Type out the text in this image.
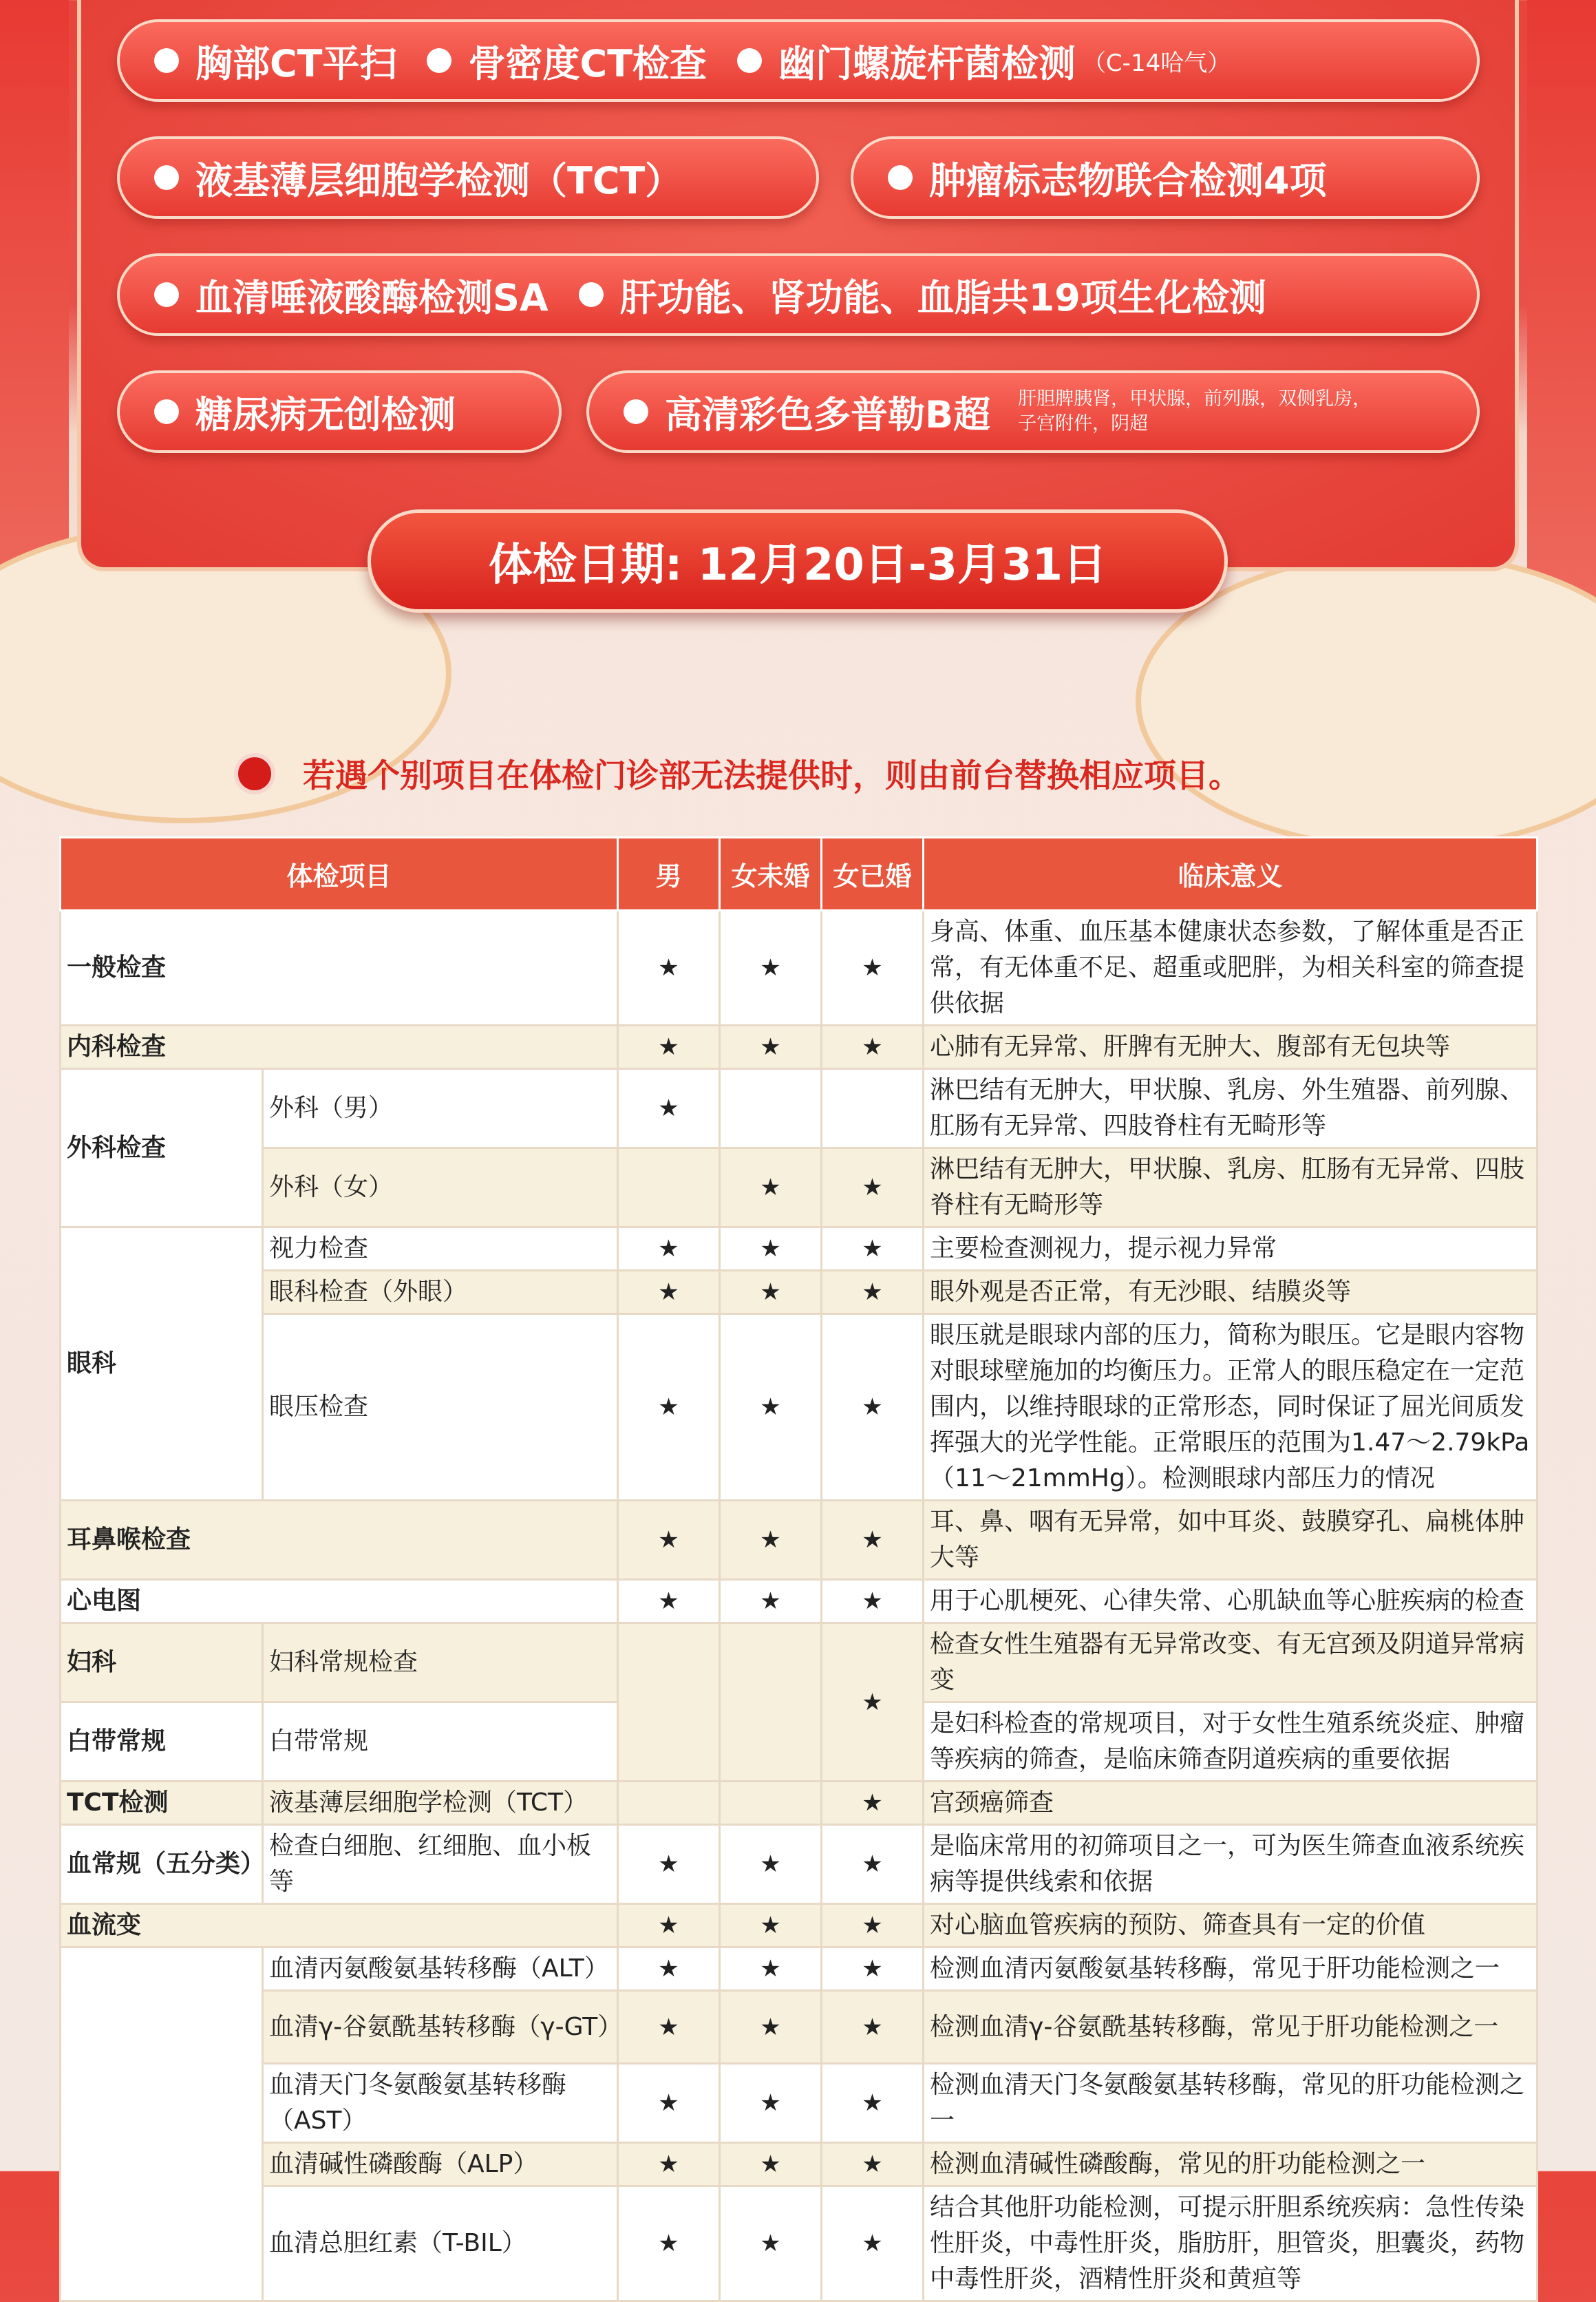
胸部CT平扫 骨密度CT检查 幽门螺旋杆菌检测 （C-14哈气）
液基薄层细胞学检测（TCT）	肿瘤标志物联合检测4项
血清唾液酸酶检测SA 肝功能、肾功能、血脂共19项生化检测
糖尿病无创检测	高清彩色多普勒B超 肝胆脾胰肾，甲状腺，前列腺，双侧乳房，子宫附件，阴超
体检日期: 12月20日-3月31日
若遇个别项目在体检门诊部无法提供时，则由前台替换相应项目。
体检项目		男	女未婚	女已婚	临床意义
一般检查		★	★	★	身高、体重、血压基本健康状态参数，了解体重是否正常，有无体重不足、超重或肥胖，为相关科室的筛查提供依据
内科检查		★	★	★	心肺有无异常、肝脾有无肿大、腹部有无包块等
外科检查	外科（男）	★			淋巴结有无肿大，甲状腺、乳房、外生殖器、前列腺、肛肠有无异常、四肢脊柱有无畸形等
	外科（女）		★	★	淋巴结有无肿大，甲状腺、乳房、肛肠有无异常、四肢脊柱有无畸形等
眼科	视力检查	★	★	★	主要检查测视力，提示视力异常
	眼科检查（外眼）	★	★	★	眼外观是否正常，有无沙眼、结膜炎等
	眼压检查	★	★	★	眼压就是眼球内部的压力，简称为眼压。它是眼内容物对眼球壁施加的均衡压力。正常人的眼压稳定在一定范围内，以维持眼球的正常形态，同时保证了屈光间质发挥强大的光学性能。正常眼压的范围为1.47～2.79kPa（11～21mmHg）。检测眼球内部压力的情况
耳鼻喉检查		★	★	★	耳、鼻、咽有无异常，如中耳炎、鼓膜穿孔、扁桃体肿大等
心电图		★	★	★	用于心肌梗死、心律失常、心肌缺血等心脏疾病的检查
妇科	妇科常规检查			★	检查女性生殖器有无异常改变、有无宫颈及阴道异常病变
白带常规	白带常规				是妇科检查的常规项目，对于女性生殖系统炎症、肿瘤等疾病的筛查，是临床筛查阴道疾病的重要依据
TCT检测	液基薄层细胞学检测（TCT）			★	宫颈癌筛查
血常规（五分类）	检查白细胞、红细胞、血小板等	★	★	★	是临床常用的初筛项目之一，可为医生筛查血液系统疾病等提供线索和依据
血流变		★	★	★	对心脑血管疾病的预防、筛查具有一定的价值
	血清丙氨酸氨基转移酶（ALT）	★	★	★	检测血清丙氨酸氨基转移酶，常见于肝功能检测之一
	血清γ-谷氨酰基转移酶（γ-GT）	★	★	★	检测血清γ-谷氨酰基转移酶，常见于肝功能检测之一
	血清天门冬氨酸氨基转移酶（AST）	★	★	★	检测血清天门冬氨酸氨基转移酶，常见的肝功能检测之一
	血清碱性磷酸酶（ALP）	★	★	★	检测血清碱性磷酸酶，常见的肝功能检测之一
	血清总胆红素（T-BIL）	★	★	★	结合其他肝功能检测，可提示肝胆系统疾病：急性传染性肝炎，中毒性肝炎，脂肪肝，胆管炎，胆囊炎，药物中毒性肝炎，酒精性肝炎和黄疸等
